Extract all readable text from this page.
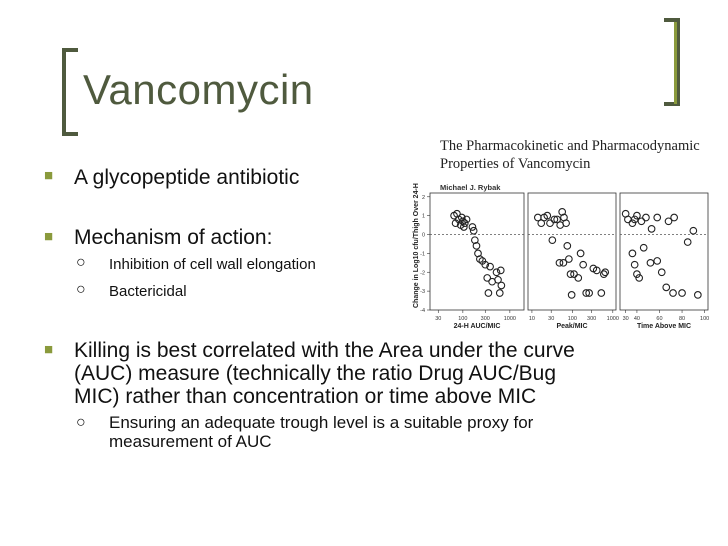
Vancomycin
■ A glycopeptide antibiotic
■ Mechanism of action:
○ Inhibition of cell wall elongation
○ Bactericidal
■ Killing is best correlated with the Area under the curve
(AUC) measure (technically the ratio Drug AUC/Bug
MIC) rather than concentration or time above MIC
○ Ensuring an adequate trough level is a suitable proxy for
measurement of AUC
The Pharmacokinetic and Pharmacodynamic
Properties of Vancomycin
Michael J. Rybak
Change in Log10 cfu/Thigh Over 24-H 2
1
0
-1
-2
-3
-4
30	100 300	1000
24-H AUC/MIC
10 30 100 300 1000
Peak/MIC
30 40	60	80	100
Time Above MIC
